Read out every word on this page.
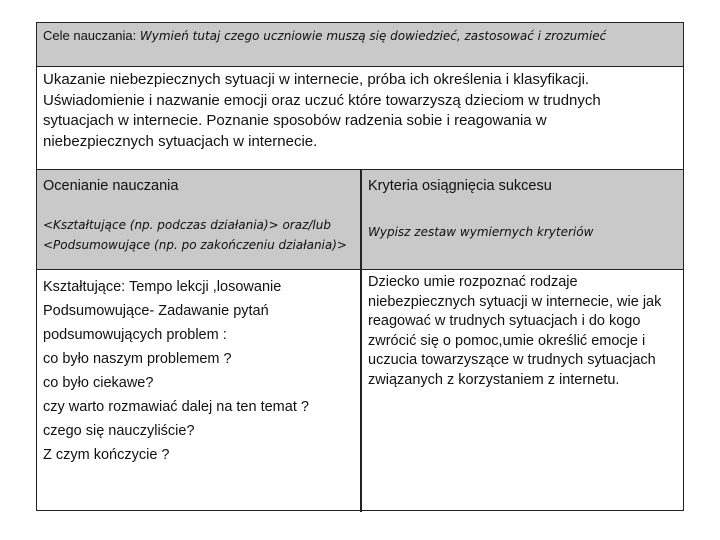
Cele nauczania: Wymień tutaj czego uczniowie muszą się dowiedzieć, zastosować i zrozumieć

Ukazanie niebezpiecznych sytuacji w internecie, próba ich określenia i klasyfikacji.

Uświadomienie i nazwanie emocji oraz uczuć które towarzyszą dzieciom w trudnych

sytuacjach w internecie. Poznanie sposobów radzenia sobie i reagowania w

niebezpiecznych sytuacjach w internecie.

Ocenianie nauczania

<Kształtujące (np. podczas działania)> oraz/lub
<Podsumowujące (np. po zakończeniu działania)>

Kryteria osiągnięcia sukcesu

Wypisz zestaw wymiernych kryteriów
Kształtujące: Tempo lekcji ,losowanie
Podsumowujące- Zadawanie pytań
podsumowujących problem :
co było naszym problemem ?
co było ciekawe?
czy warto rozmawiać dalej na ten temat ?
czego się nauczyliście?
Z czym kończycie ?
Dziecko umie rozpoznać rodzaje niebezpiecznych sytuacji w internecie, wie jak reagować w trudnych sytuacjach i do kogo zwrócić się o pomoc,umie określić emocje i uczucia towarzyszące w trudnych sytuacjach związanych z korzystaniem z internetu.
